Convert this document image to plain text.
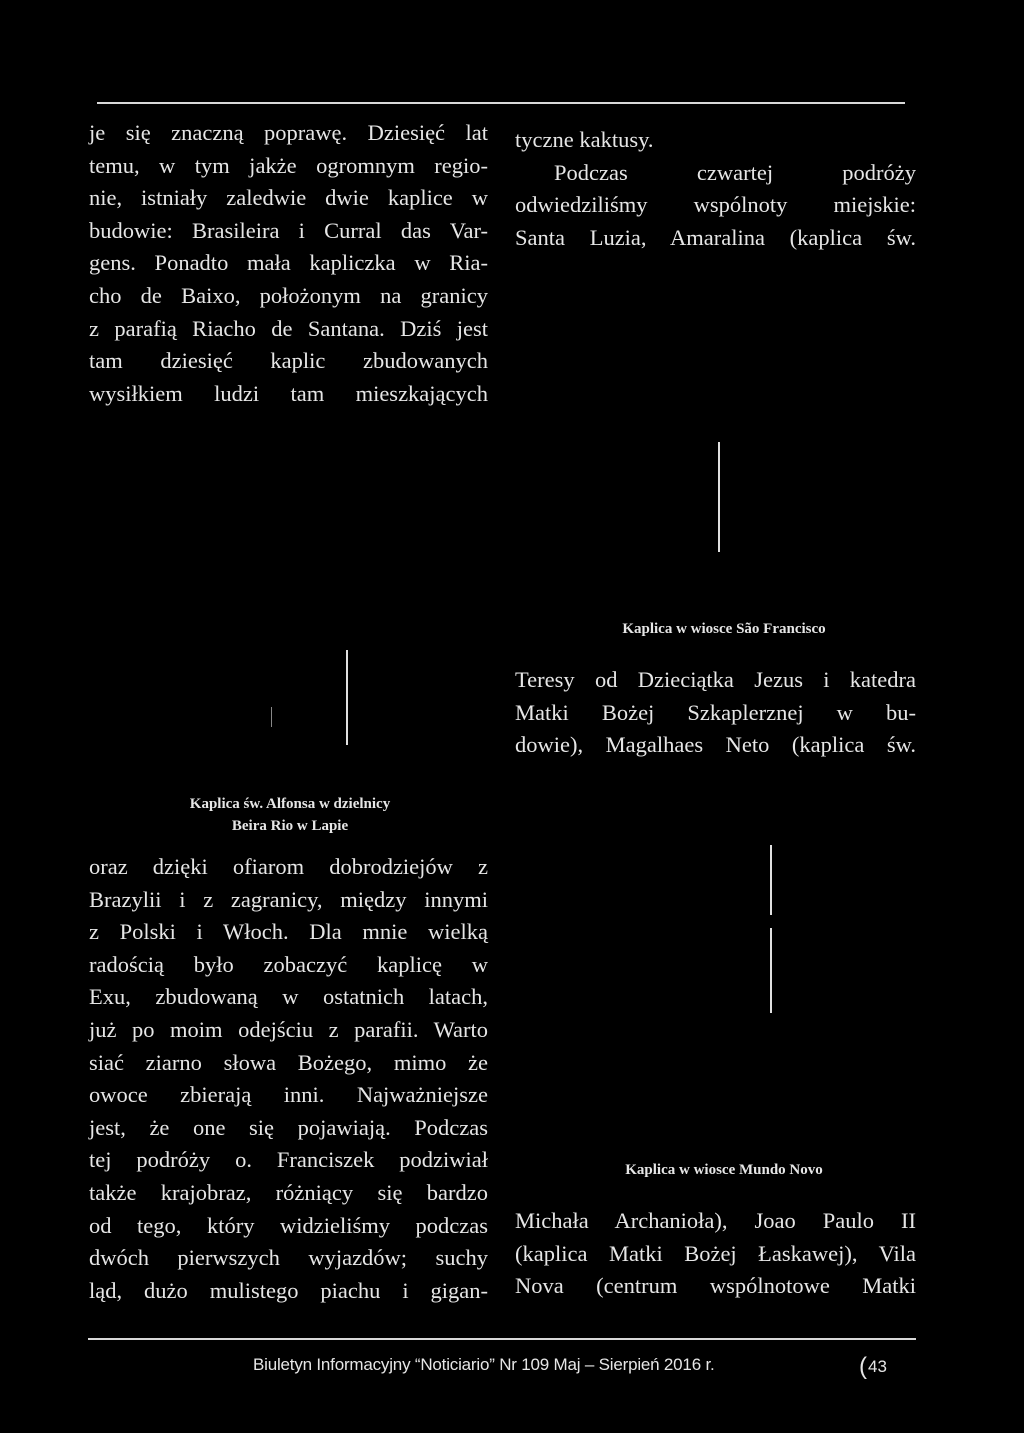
je się znaczną poprawę. Dziesięć lat
temu, w tym jakże ogromnym regio-
nie, istniały zaledwie dwie kaplice w
budowie: Brasileira i Curral das Var-
gens. Ponadto mała kapliczka w Ria-
cho de Baixo, położonym na granicy
z parafią Riacho de Santana. Dziś jest
tam dziesięć kaplic zbudowanych
wysiłkiem ludzi tam mieszkających

tyczne kaktusy.
Podczas czwartej podróży
odwiedziliśmy wspólnoty miejskie:
Santa Luzia, Amaralina (kaplica św.

Kaplica w wiosce São Francisco

Teresy od Dzieciątka Jezus i katedra
Matki Bożej Szkaplerznej w bu-
dowie), Magalhaes Neto (kaplica św.

Kaplica św. Alfonsa w dzielnicy
Beira Rio w Lapie

oraz dzięki ofiarom dobrodziejów z
Brazylii i z zagranicy, między innymi
z Polski i Włoch. Dla mnie wielką
radością było zobaczyć kaplicę w
Exu, zbudowaną w ostatnich latach,
już po moim odejściu z parafii. Warto
siać ziarno słowa Bożego, mimo że
owoce zbierają inni. Najważniejsze
jest, że one się pojawiają. Podczas
tej podróży o. Franciszek podziwiał
także krajobraz, różniący się bardzo
od tego, który widzieliśmy podczas
dwóch pierwszych wyjazdów; suchy
ląd, dużo mulistego piachu i gigan-

Kaplica w wiosce Mundo Novo

Michała Archanioła), Joao Paulo II
(kaplica Matki Bożej Łaskawej), Vila
Nova (centrum wspólnotowe Matki

Biuletyn Informacyjny “Noticiario” Nr 109 Maj – Sierpień 2016 r.	(43
